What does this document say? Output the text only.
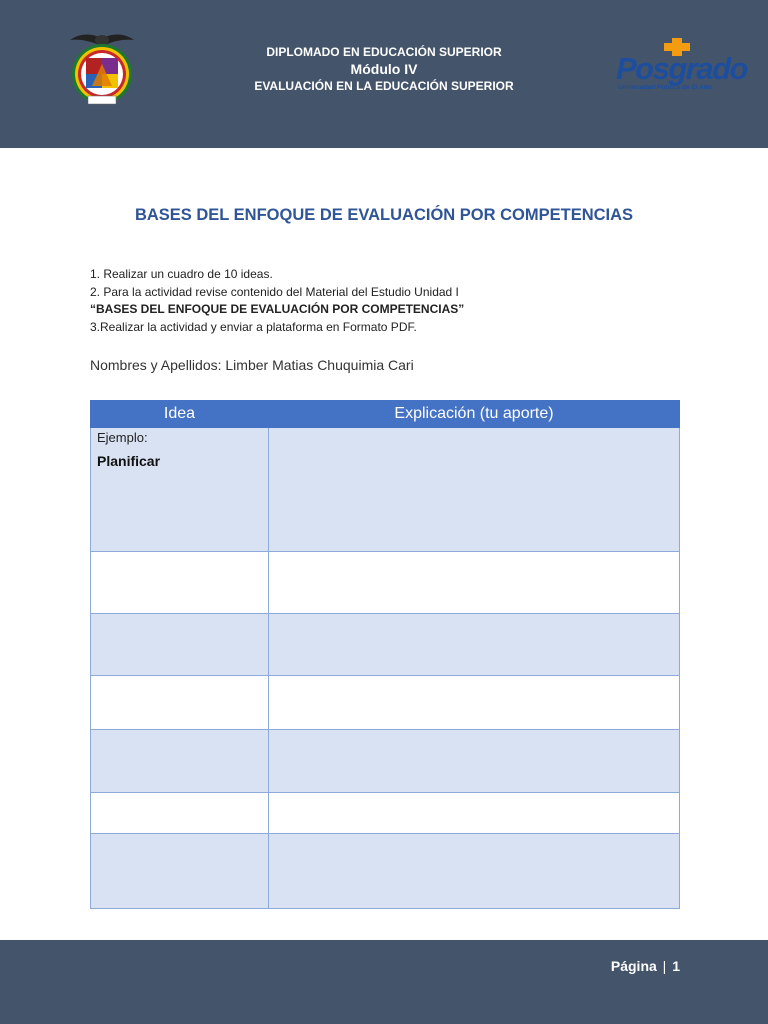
DIPLOMADO EN EDUCACIÓN SUPERIOR
Módulo IV
EVALUACIÓN EN LA EDUCACIÓN SUPERIOR	Posgrado
Universidad Pública de El Alto
BASES DEL ENFOQUE DE EVALUACIÓN POR COMPETENCIAS
1. Realizar un cuadro de 10 ideas.
2. Para la actividad revise contenido del Material del Estudio Unidad I
“BASES DEL ENFOQUE DE EVALUACIÓN POR COMPETENCIAS”
3.Realizar la actividad y enviar a plataforma en Formato PDF.
Nombres y Apellidos: Limber Matias Chuquimia Cari
Idea	Explicación (tu aporte)

Ejemplo:
Planificar	

Página | 1
